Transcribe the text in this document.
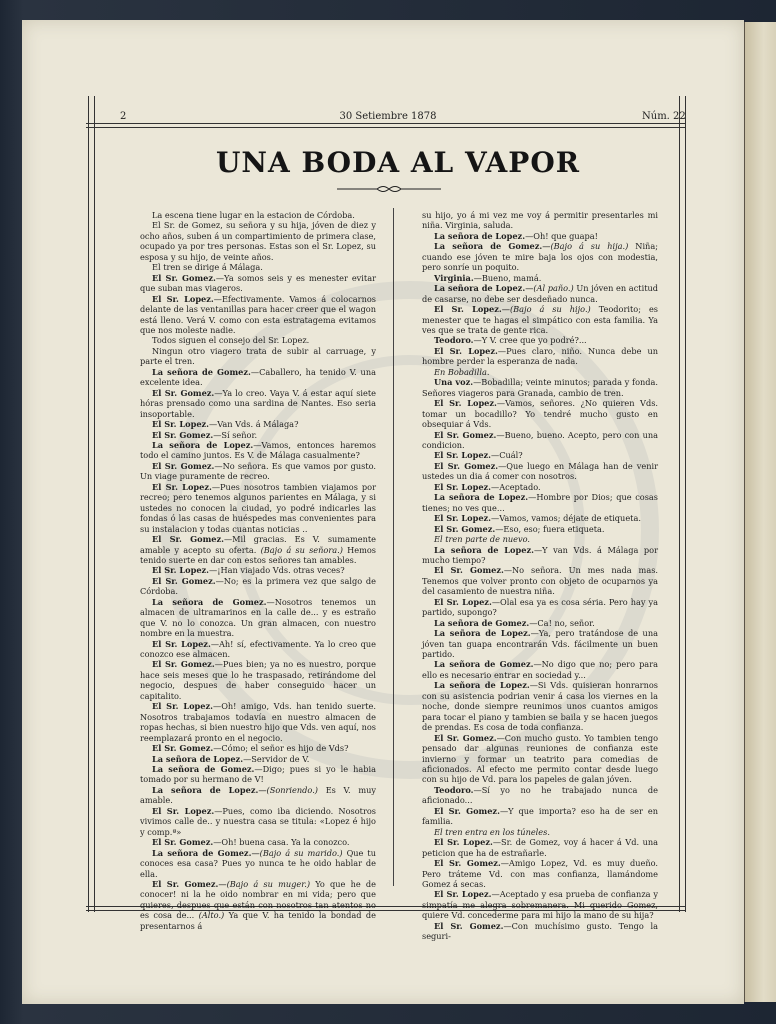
2	30 Setiembre 1878	Núm. 22
UNA BODA AL VAPOR

La escena tiene lugar en la estacion de Córdoba.

El Sr. de Gomez, su señora y su hija, jóven de diez y ocho años, suben á un compartimiento de primera clase, ocupado ya por tres personas. Estas son el Sr. Lopez, su esposa y su hijo, de veinte años.

El tren se dirige á Málaga.

El Sr. Gomez.—Ya somos seis y es menester evitar que suban mas viageros.

El Sr. Lopez.—Efectivamente. Vamos á colocarnos delante de las ventanillas para hacer creer que el wagon está lleno. Verá V. como con esta estratagema evitamos que nos moleste nadie.

Todos siguen el consejo del Sr. Lopez.

Ningun otro viagero trata de subir al carruage, y parte el tren.

La señora de Gomez.—Caballero, ha tenido V. una excelente idea.

El Sr. Gomez.—Ya lo creo. Vaya V. á estar aquí siete hóras prensado como una sardina de Nantes. Eso seria insoportable.

El Sr. Lopez.—Van Vds. á Málaga?

El Sr. Gomez.—Sí señor.

La señora de Lopez.—Vamos, entonces haremos todo el camino juntos. Es V. de Málaga casualmente?

El Sr. Gomez.—No señora. Es que vamos por gusto. Un viage puramente de recreo.

El Sr. Lopez.—Pues nosotros tambien viajamos por recreo; pero tenemos algunos parientes en Málaga, y si ustedes no conocen la ciudad, yo podré indicarles las fondas ó las casas de huéspedes mas convenientes para su instalacion y todas cuantas noticias ..

El Sr. Gomez.—Mil gracias. Es V. sumamente amable y acepto su oferta. (Bajo á su señora.) Hemos tenido suerte en dar con estos señores tan amables.

El Sr. Lopez.—¡Han viajado Vds. otras veces?

El Sr. Gomez.—No; es la primera vez que salgo de Córdoba.

La señora de Gomez.—Nosotros tenemos un almacen de ultramarinos en la calle de... y es estraño que V. no lo conozca. Un gran almacen, con nuestro nombre en la muestra.

El Sr. Lopez.—Ah! sí, efectivamente. Ya lo creo que conozco ese almacen.

El Sr. Gomez.—Pues bien; ya no es nuestro, porque hace seis meses que lo he traspasado, retirándome del negocio, despues de haber conseguido hacer un capitalito.

El Sr. Lopez.—Oh! amigo, Vds. han tenido suerte. Nosotros trabajamos todavía en nuestro almacen de ropas hechas, si bien nuestro hijo que Vds. ven aquí, nos reemplazará pronto en el negocio.

El Sr. Gomez.—Cómo; el señor es hijo de Vds?

La señora de Lopez.—Servidor de V.

La señora de Gomez.—Digo; pues si yo le habia tomado por su hermano de V!

La señora de Lopez.—(Sonriendo.) Es V. muy amable.

El Sr. Lopez.—Pues, como iba diciendo. Nosotros vivimos calle de.. y nuestra casa se titula: «Lopez é hijo y comp.ª»

El Sr. Gomez.—Oh! buena casa. Ya la conozco.

La señora de Gomez.—(Bajo á su marido.) Que tu conoces esa casa? Pues yo nunca te he oido hablar de ella.

El Sr. Gomez.—(Bajo á su muger.) Yo que he de conocer! ni la he oido nombrar en mi vida; pero que quieres, despues que están con nosotros tan atentos no es cosa de... (Alto.) Ya que V. ha tenido la bondad de presentarnos á

su hijo, yo á mi vez me voy á permitir presentarles mi niña. Virginia, saluda.

La señora de Lopez.—Oh! que guapa!

La señora de Gomez.—(Bajo á su hija.) Niña; cuando ese jóven te mire baja los ojos con modestia, pero sonríe un poquito.

Virginia.—Bueno, mamá.

La señora de Lopez.—(Al paño.) Un jóven en actitud de casarse, no debe ser desdeñado nunca.

El Sr. Lopez.—(Bajo á su hijo.) Teodorito; es menester que te hagas el simpático con esta familia. Ya ves que se trata de gente rica.

Teodoro.—Y V. cree que yo podré?...

El Sr. Lopez.—Pues claro, niño. Nunca debe un hombre perder la esperanza de nada.

En Bobadilla.

Una voz.—Bobadilla; veinte minutos; parada y fonda. Señores viageros para Granada, cambio de tren.

El Sr. Lopez.—Vamos, señores. ¿No quieren Vds. tomar un bocadillo? Yo tendré mucho gusto en obsequiar á Vds.

El Sr. Gomez.—Bueno, bueno. Acepto, pero con una condicion.

El Sr. Lopez.—Cuál?

El Sr. Gomez.—Que luego en Málaga han de venir ustedes un dia á comer con nosotros.

El Sr. Lopez.—Aceptado.

La señora de Lopez.—Hombre por Dios; que cosas tienes; no ves que...

El Sr. Lopez.—Vamos, vamos; déjate de etiqueta.

El Sr. Gomez.—Eso, eso; fuera etiqueta.

El tren parte de nuevo.

La señora de Lopez.—Y van Vds. á Málaga por mucho tiempo?

El Sr. Gomez.—No señora. Un mes nada mas. Tenemos que volver pronto con objeto de ocuparnos ya del casamiento de nuestra niña.

El Sr. Lopez.—Olal esa ya es cosa séria. Pero hay ya partido, supongo?

La señora de Gomez.—Ca! no, señor.

La señora de Lopez.—Ya, pero tratándose de una jóven tan guapa encontrarán Vds. fácilmente un buen partido.

La señora de Gomez.—No digo que no; pero para ello es necesario entrar en sociedad y...

La señora de Lopez.—Si Vds. quisieran honrarnos con su asistencia podrian venir á casa los viernes en la noche, donde siempre reunimos unos cuantos amigos para tocar el piano y tambien se baila y se hacen juegos de prendas. Es cosa de toda confianza.

El Sr. Gomez.—Con mucho gusto. Yo tambien tengo pensado dar algunas reuniones de confianza este invierno y formar un teatrito para comedias de aficionados. Al efecto me permito contar desde luego con su hijo de Vd. para los papeles de galan jóven.

Teodoro.—Sí yo no he trabajado nunca de aficionado...

El Sr. Gomez.—Y que importa? eso ha de ser en familia.

El tren entra en los túneles.

El Sr. Lopez.—Sr. de Gomez, voy á hacer á Vd. una peticion que ha de estrañarle.

El Sr. Gomez.—Amigo Lopez, Vd. es muy dueño. Pero tráteme Vd. con mas confianza, llamándome Gomez á secas.

El Sr. Lopez.—Aceptado y esa prueba de confianza y simpatía me alegra sobremanera. Mi querido Gomez, quiere Vd. concederme para mi hijo la mano de su hija?

El Sr. Gomez.—Con muchísimo gusto. Tengo la seguri-
